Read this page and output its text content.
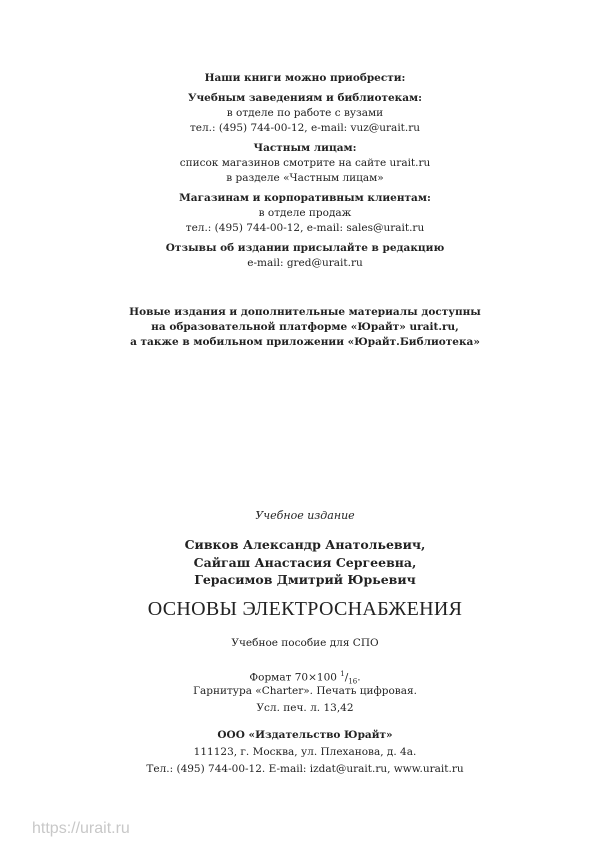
Наши книги можно приобрести:
Учебным заведениям и библиотекам:
в отделе по работе с вузами
тел.: (495) 744-00-12, e-mail: vuz@urait.ru
Частным лицам:
список магазинов смотрите на сайте urait.ru
в разделе «Частным лицам»
Магазинам и корпоративным клиентам:
в отделе продаж
тел.: (495) 744-00-12, e-mail: sales@urait.ru
Отзывы об издании присылайте в редакцию
e-mail: gred@urait.ru
Новые издания и дополнительные материалы доступны
на образовательной платформе «Юрайт» urait.ru,
а также в мобильном приложении «Юрайт.Библиотека»
Учебное издание
Сивков Александр Анатольевич,
Сайгаш Анастасия Сергеевна,
Герасимов Дмитрий Юрьевич
ОСНОВЫ ЭЛЕКТРОСНАБЖЕНИЯ
Учебное пособие для СПО
Формат 70×100 $^1/_{16}$.
Гарнитура «Charter». Печать цифровая.
Усл. печ. л. 13,42
ООО «Издательство Юрайт»
111123, г. Москва, ул. Плеханова, д. 4а.
Тел.: (495) 744-00-12. E-mail: izdat@urait.ru, www.urait.ru
https://urait.ru
